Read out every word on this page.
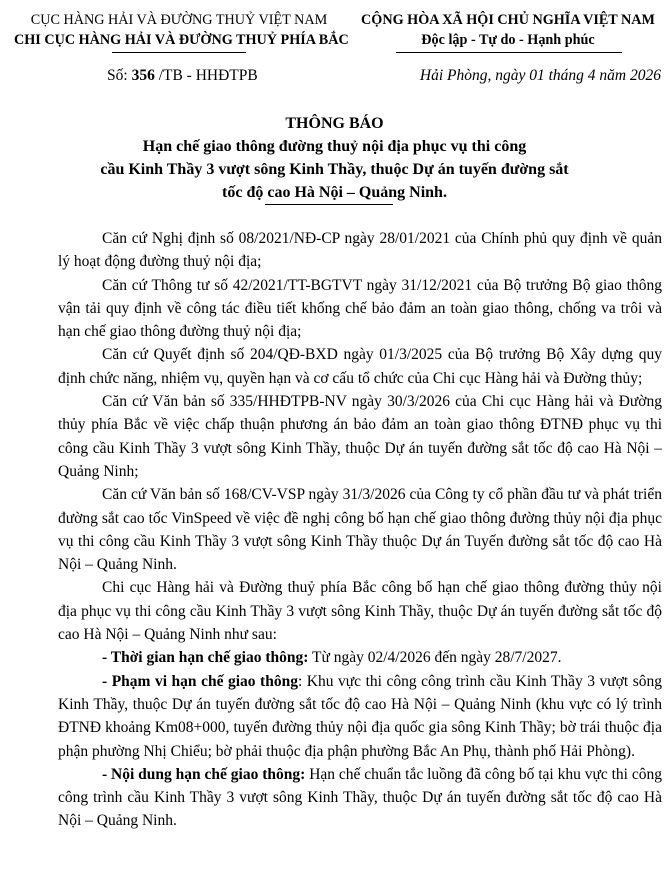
CỤC HÀNG HẢI VÀ ĐƯỜNG THUỶ VIỆT NAM
CHI CỤC HÀNG HẢI VÀ ĐƯỜNG THUỶ PHÍA BẮC
CỘNG HÒA XÃ HỘI CHỦ NGHĨA VIỆT NAM
Độc lập - Tự do - Hạnh phúc
Số: 356 /TB - HHĐTPB	Hải Phòng, ngày 01 tháng 4 năm 2026
THÔNG BÁO
Hạn chế giao thông đường thuỷ nội địa phục vụ thi công
cầu Kinh Thầy 3 vượt sông Kinh Thầy, thuộc Dự án tuyến đường sắt
tốc độ cao Hà Nội – Quảng Ninh.

Căn cứ Nghị định số 08/2021/NĐ-CP ngày 28/01/2021 của Chính phủ quy định về quản lý hoạt động đường thuỷ nội địa;

Căn cứ Thông tư số 42/2021/TT-BGTVT ngày 31/12/2021 của Bộ trưởng Bộ giao thông vận tải quy định về công tác điều tiết khống chế bảo đảm an toàn giao thông, chống va trôi và hạn chế giao thông đường thuỷ nội địa;

Căn cứ Quyết định số 204/QĐ-BXD ngày 01/3/2025 của Bộ trưởng Bộ Xây dựng quy định chức năng, nhiệm vụ, quyền hạn và cơ cấu tổ chức của Chi cục Hàng hải và Đường thủy;

Căn cứ Văn bản số 335/HHĐTPB-NV ngày 30/3/2026 của Chi cục Hàng hải và Đường thủy phía Bắc về việc chấp thuận phương án bảo đảm an toàn giao thông ĐTNĐ phục vụ thi công cầu Kinh Thầy 3 vượt sông Kinh Thầy, thuộc Dự án tuyến đường sắt tốc độ cao Hà Nội – Quảng Ninh;

Căn cứ Văn bản số 168/CV-VSP ngày 31/3/2026 của Công ty cổ phần đầu tư và phát triển đường sắt cao tốc VinSpeed về việc đề nghị công bố hạn chế giao thông đường thủy nội địa phục vụ thi công cầu Kinh Thầy 3 vượt sông Kinh Thầy thuộc Dự án Tuyến đường sắt tốc độ cao Hà Nội – Quảng Ninh.

Chi cục Hàng hải và Đường thuỷ phía Bắc công bố hạn chế giao thông đường thủy nội địa phục vụ thi công cầu Kinh Thầy 3 vượt sông Kinh Thầy, thuộc Dự án tuyến đường sắt tốc độ cao Hà Nội – Quảng Ninh như sau:

- Thời gian hạn chế giao thông: Từ ngày 02/4/2026 đến ngày 28/7/2027.

- Phạm vi hạn chế giao thông: Khu vực thi công công trình cầu Kinh Thầy 3 vượt sông Kinh Thầy, thuộc Dự án tuyến đường sắt tốc độ cao Hà Nội – Quảng Ninh (khu vực có lý trình ĐTNĐ khoảng Km08+000, tuyến đường thủy nội địa quốc gia sông Kinh Thầy; bờ trái thuộc địa phận phường Nhị Chiểu; bờ phải thuộc địa phận phường Bắc An Phụ, thành phố Hải Phòng).

- Nội dung hạn chế giao thông: Hạn chế chuẩn tắc luồng đã công bố tại khu vực thi công công trình cầu Kinh Thầy 3 vượt sông Kinh Thầy, thuộc Dự án tuyến đường sắt tốc độ cao Hà Nội – Quảng Ninh.
